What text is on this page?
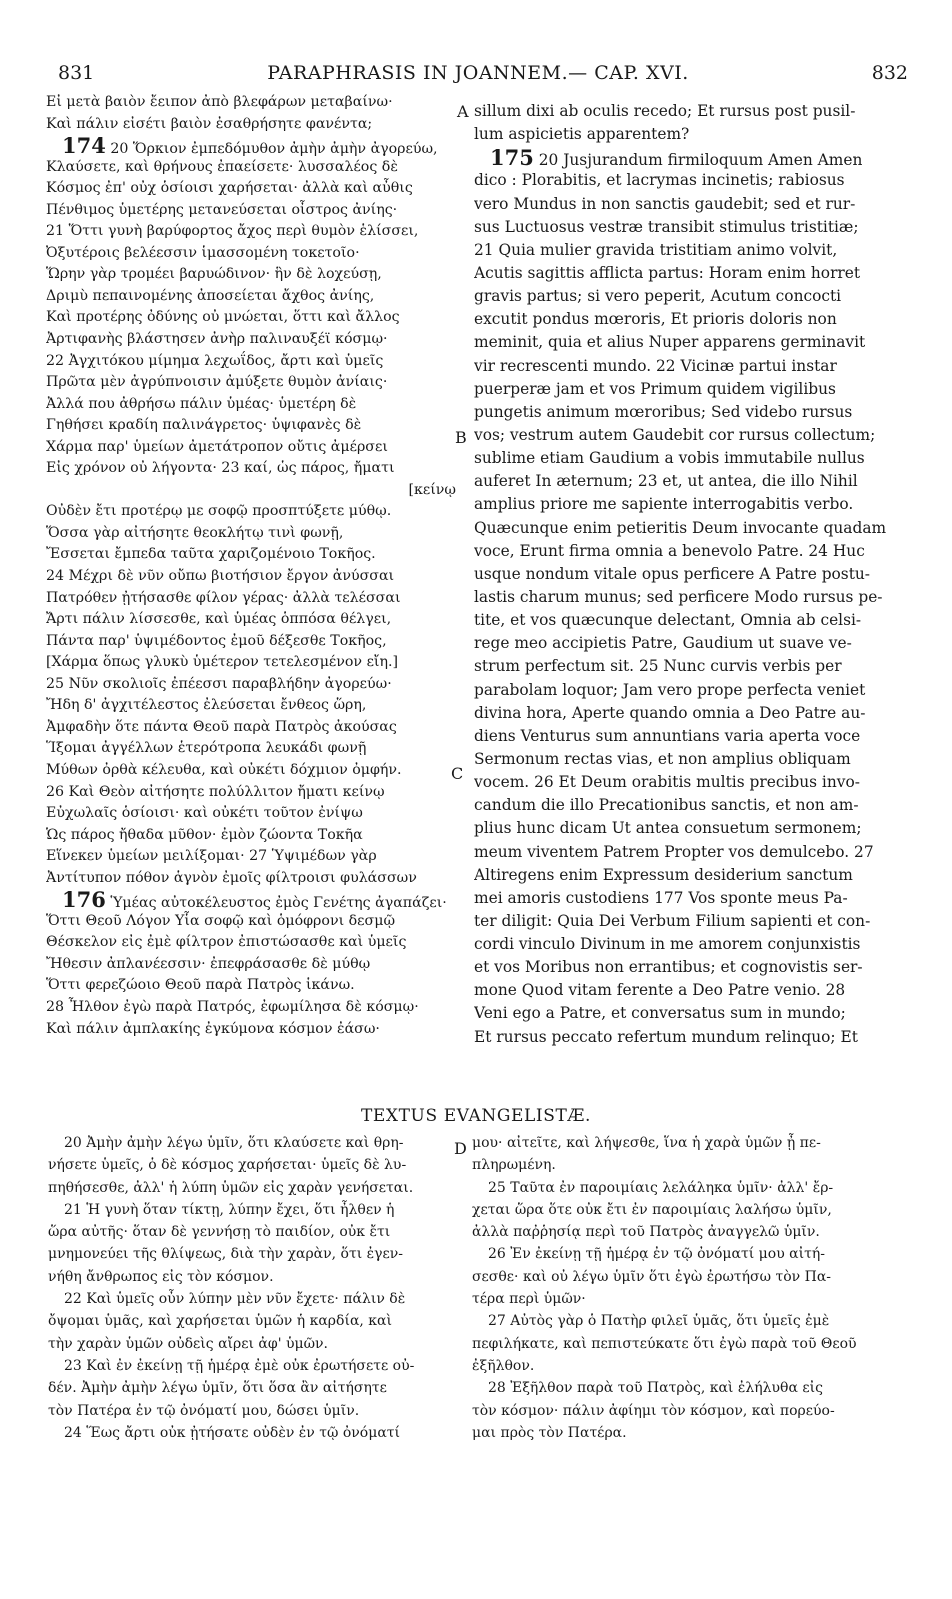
831	PARAPHRASIS IN JOANNEM.— CAP. XVI.	832
Εἰ μετὰ βαιὸν ἔειπον ἀπὸ βλεφάρων μεταβαίνω·
Καὶ πάλιν εἰσέτι βαιὸν ἐσαθρήσητε φανέντα;
174 20 Ὅρκιον ἐμπεδόμυθον ἀμὴν ἀμὴν ἀγορεύω,
Κλαύσετε, καὶ θρήνους ἐπαείσετε· λυσσαλέος δὲ
Κόσμος ἐπ' οὐχ ὁσίοισι χαρήσεται· ἀλλὰ καὶ αὖθις
Πένθιμος ὑμετέρης μετανεύσεται οἶστρος ἀνίης·
21 Ὅττι γυνὴ βαρύφορτος ἄχος περὶ θυμὸν ἑλίσσει,
Ὀξυτέροις βελέεσσιν ἱμασσομένη τοκετοῖο·
Ὥρην γὰρ τρομέει βαρυώδινον· ἣν δὲ λοχεύσῃ,
Δριμὺ πεπαινομένης ἀποσείεται ἄχθος ἀνίης,
Καὶ προτέρης ὀδύνης οὐ μνώεται, ὅττι καὶ ἄλλος
Ἀρτιφανὴς βλάστησεν ἀνὴρ παλιναυξέϊ κόσμῳ·
22 Ἀγχιτόκου μίμημα λεχωΐδος, ἄρτι καὶ ὑμεῖς
Πρῶτα μὲν ἀγρύπνοισιν ἀμύξετε θυμὸν ἀνίαις·
Ἀλλά που ἀθρήσω πάλιν ὑμέας· ὑμετέρη δὲ
Γηθήσει κραδίη παλινάγρετος· ὑψιφανὲς δὲ
Χάρμα παρ' ὑμείων ἀμετάτροπον οὔτις ἀμέρσει
Εἰς χρόνον οὐ λήγοντα· 23 καί, ὡς πάρος, ἤματι
[κείνῳ
Οὐδὲν ἔτι προτέρῳ με σοφῷ προσπτύξετε μύθῳ.
Ὅσσα γὰρ αἰτήσητε θεοκλήτῳ τινὶ φωνῇ,
Ἔσσεται ἔμπεδα ταῦτα χαριζομένοιο Τοκῆος.
24 Μέχρι δὲ νῦν οὔπω βιοτήσιον ἔργον ἀνύσσαι
Πατρόθεν ᾐτήσασθε φίλον γέρας· ἀλλὰ τελέσσαι
Ἄρτι πάλιν λίσσεσθε, καὶ ὑμέας ὁππόσα θέλγει,
Πάντα παρ' ὑψιμέδοντος ἐμοῦ δέξεσθε Τοκῆος,
[Χάρμα ὅπως γλυκὺ ὑμέτερον τετελεσμένον εἴη.]
25 Νῦν σκολιοῖς ἐπέεσσι παραβλήδην ἀγορεύω·
Ἤδη δ' ἀγχιτέλεστος ἐλεύσεται ἔνθεος ὥρη,
Ἀμφαδὴν ὅτε πάντα Θεοῦ παρὰ Πατρὸς ἀκούσας
Ἵξομαι ἀγγέλλων ἑτερότροπα λευκάδι φωνῇ
Μύθων ὀρθὰ κέλευθα, καὶ οὐκέτι δόχμιον ὀμφήν.
26 Καὶ Θεὸν αἰτήσητε πολύλλιτον ἤματι κείνῳ
Εὐχωλαῖς ὁσίοισι· καὶ οὐκέτι τοῦτον ἐνίψω
Ὡς πάρος ἤθαδα μῦθον· ἐμὸν ζώοντα Τοκῆα
Εἵνεκεν ὑμείων μειλίξομαι· 27 Ὑψιμέδων γὰρ
Ἀντίτυπον πόθον ἁγνὸν ἐμοῖς φίλτροισι φυλάσσων
176 Ὑμέας αὐτοκέλευστος ἐμὸς Γενέτης ἀγαπάζει·
Ὅττι Θεοῦ Λόγον Υἷα σοφῷ καὶ ὁμόφρονι δεσμῷ
Θέσκελον εἰς ἐμὲ φίλτρον ἐπιστώσασθε καὶ ὑμεῖς
Ἤθεσιν ἀπλανέεσσιν· ἐπεφράσασθε δὲ μύθῳ
Ὅττι φερεζώοιο Θεοῦ παρὰ Πατρὸς ἱκάνω.
28 Ἦλθον ἐγὼ παρὰ Πατρός, ἐφωμίλησα δὲ κόσμῳ·
Καὶ πάλιν ἀμπλακίης ἐγκύμονα κόσμον ἐάσω·
sillum dixi ab oculis recedo; Et rursus post pusil-
lum aspicietis apparentem?
175 20 Jusjurandum firmiloquum Amen Amen
dico : Plorabitis, et lacrymas incinetis; rabiosus
vero Mundus in non sanctis gaudebit; sed et rur-
sus Luctuosus vestræ transibit stimulus tristitiæ;
21 Quia mulier gravida tristitiam animo volvit,
Acutis sagittis afflicta partus: Horam enim horret
gravis partus; si vero peperit, Acutum concocti
excutit pondus mœroris, Et prioris doloris non
meminit, quia et alius Nuper apparens germinavit
vir recrescenti mundo. 22 Vicinæ partui instar
puerperæ jam et vos Primum quidem vigilibus
pungetis animum mœroribus; Sed videbo rursus
vos; vestrum autem Gaudebit cor rursus collectum;
sublime etiam Gaudium a vobis immutabile nullus
auferet In æternum; 23 et, ut antea, die illo Nihil
amplius priore me sapiente interrogabitis verbo.
Quæcunque enim petieritis Deum invocante quadam
voce, Erunt firma omnia a benevolo Patre. 24 Huc
usque nondum vitale opus perficere A Patre postu-
lastis charum munus; sed perficere Modo rursus pe-
tite, et vos quæcunque delectant, Omnia ab celsi-
rege meo accipietis Patre, Gaudium ut suave ve-
strum perfectum sit. 25 Nunc curvis verbis per
parabolam loquor; Jam vero prope perfecta veniet
divina hora, Aperte quando omnia a Deo Patre au-
diens Venturus sum annuntians varia aperta voce
Sermonum rectas vias, et non amplius obliquam
vocem. 26 Et Deum orabitis multis precibus invo-
candum die illo Precationibus sanctis, et non am-
plius hunc dicam Ut antea consuetum sermonem;
meum viventem Patrem Propter vos demulcebo. 27
Altiregens enim Expressum desiderium sanctum
mei amoris custodiens 177 Vos sponte meus Pa-
ter diligit: Quia Dei Verbum Filium sapienti et con-
cordi vinculo Divinum in me amorem conjunxistis
et vos Moribus non errantibus; et cognovistis ser-
mone Quod vitam ferente a Deo Patre venio. 28
Veni ego a Patre, et conversatus sum in mundo;
Et rursus peccato refertum mundum relinquo; Et
A
B
C
D
TEXTUS EVANGELISTÆ.
20 Ἀμὴν ἀμὴν λέγω ὑμῖν, ὅτι κλαύσετε καὶ θρη-
νήσετε ὑμεῖς, ὁ δὲ κόσμος χαρήσεται· ὑμεῖς δὲ λυ-
πηθήσεσθε, ἀλλ' ἡ λύπη ὑμῶν εἰς χαρὰν γενήσεται.
21 Ἡ γυνὴ ὅταν τίκτῃ, λύπην ἔχει, ὅτι ἦλθεν ἡ
ὥρα αὐτῆς· ὅταν δὲ γεννήσῃ τὸ παιδίον, οὐκ ἔτι
μνημονεύει τῆς θλίψεως, διὰ τὴν χαρὰν, ὅτι ἐγεν-
νήθη ἄνθρωπος εἰς τὸν κόσμον.
22 Καὶ ὑμεῖς οὖν λύπην μὲν νῦν ἔχετε· πάλιν δὲ
ὄψομαι ὑμᾶς, καὶ χαρήσεται ὑμῶν ἡ καρδία, καὶ
τὴν χαρὰν ὑμῶν οὐδεὶς αἴρει ἀφ' ὑμῶν.
23 Καὶ ἐν ἐκείνῃ τῇ ἡμέρᾳ ἐμὲ οὐκ ἐρωτήσετε οὐ-
δέν. Ἀμὴν ἀμὴν λέγω ὑμῖν, ὅτι ὅσα ἂν αἰτήσητε
τὸν Πατέρα ἐν τῷ ὀνόματί μου, δώσει ὑμῖν.
24 Ἕως ἄρτι οὐκ ᾐτήσατε οὐδὲν ἐν τῷ ὀνόματί
μου· αἰτεῖτε, καὶ λήψεσθε, ἵνα ἡ χαρὰ ὑμῶν ᾖ πε-
πληρωμένη.
25 Ταῦτα ἐν παροιμίαις λελάληκα ὑμῖν· ἀλλ' ἔρ-
χεται ὥρα ὅτε οὐκ ἔτι ἐν παροιμίαις λαλήσω ὑμῖν,
ἀλλὰ παῤῥησίᾳ περὶ τοῦ Πατρὸς ἀναγγελῶ ὑμῖν.
26 Ἐν ἐκείνῃ τῇ ἡμέρᾳ ἐν τῷ ὀνόματί μου αἰτή-
σεσθε· καὶ οὐ λέγω ὑμῖν ὅτι ἐγὼ ἐρωτήσω τὸν Πα-
τέρα περὶ ὑμῶν·
27 Αὐτὸς γὰρ ὁ Πατὴρ φιλεῖ ὑμᾶς, ὅτι ὑμεῖς ἐμὲ
πεφιλήκατε, καὶ πεπιστεύκατε ὅτι ἐγὼ παρὰ τοῦ Θεοῦ
ἐξῆλθον.
28 Ἐξῆλθον παρὰ τοῦ Πατρὸς, καὶ ἐλήλυθα εἰς
τὸν κόσμον· πάλιν ἀφίημι τὸν κόσμον, καὶ πορεύο-
μαι πρὸς τὸν Πατέρα.
